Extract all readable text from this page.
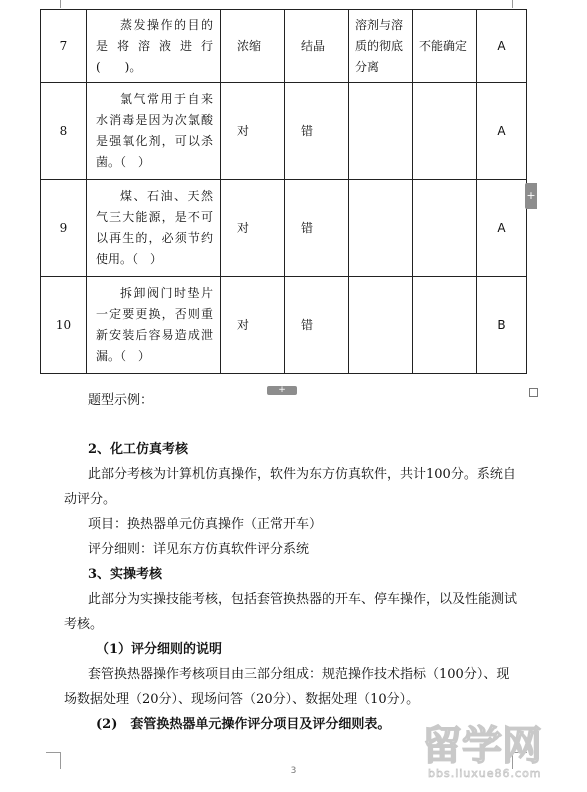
7	蒸发操作的目的是将溶液进行(　　)。	浓缩	结晶	溶剂与溶质的彻底分离	不能确定	A
8	氯气常用于自来水消毒是因为次氯酸是强氧化剂，可以杀菌。（　）	对	错			A
9	煤、石油、天然气三大能源，是不可以再生的，必须节约使用。（　）	对	错			A
10	拆卸阀门时垫片一定要更换，否则重新安装后容易造成泄漏。（　）	对	错			B
+
+
题型示例：
2、化工仿真考核
此部分考核为计算机仿真操作，软件为东方仿真软件，共计100分。系统自
动评分。
项目：换热器单元仿真操作（正常开车）
评分细则：详见东方仿真软件评分系统
3、实操考核
此部分为实操技能考核，包括套管换热器的开车、停车操作，以及性能测试
考核。
（1）评分细则的说明
套管换热器操作考核项目由三部分组成：规范操作技术指标（100分）、现
场数据处理（20分）、现场问答（20分）、数据处理（10分）。
(2)　套管换热器单元操作评分项目及评分细则表。
3
留学网
bbs.liuxue86.com
